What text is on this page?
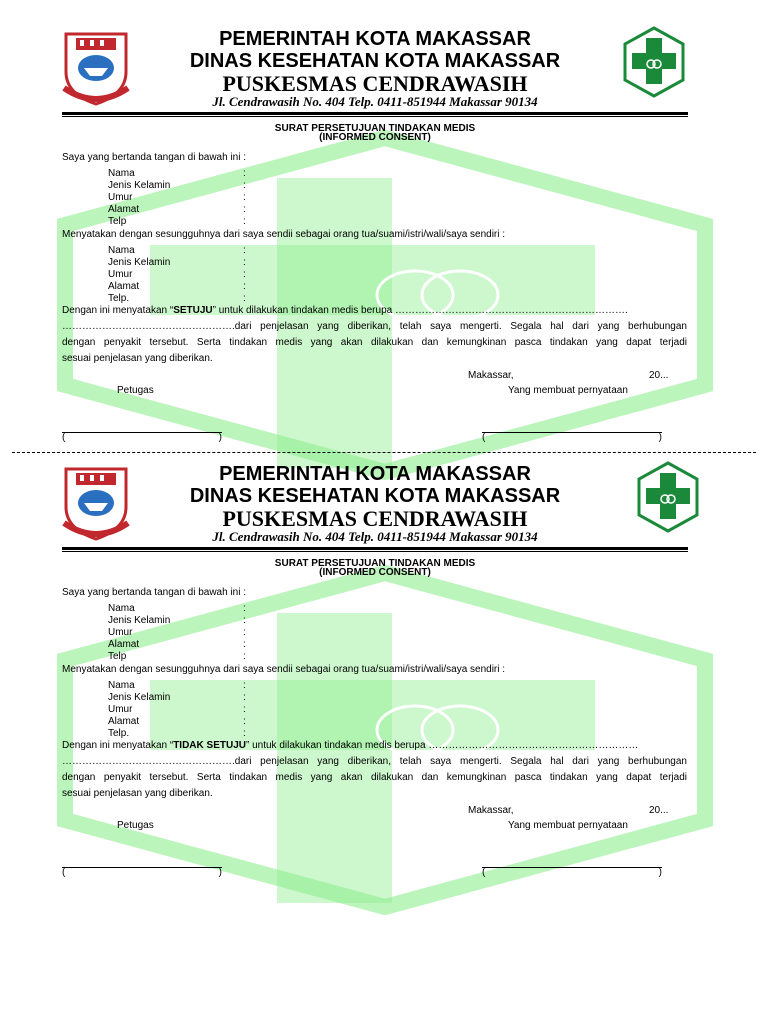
PEMERINTAH KOTA MAKASSAR
DINAS KESEHATAN KOTA MAKASSAR
PUSKESMAS CENDRAWASIH
Jl. Cendrawasih No. 404 Telp. 0411-851944 Makassar 90134
SURAT PERSETUJUAN TINDAKAN MEDIS
(INFORMED CONSENT)
Saya yang bertanda tangan di bawah ini :
Nama	:
Jenis Kelamin	:
Umur	:
Alamat	:
Telp	:
Menyatakan dengan sesungguhnya dari saya sendii sebagai orang tua/suami/istri/wali/saya sendiri :
Nama	:
Jenis Kelamin	:
Umur	:
Alamat	:
Telp.	:
Dengan ini menyatakan “SETUJU” untuk dilakukan tindakan medis berupa …………………………………………………………….
…………………………………………….dari penjelasan yang diberikan, telah saya mengerti. Segala hal dari yang berhubungan
dengan penyakit tersebut. Serta tindakan medis yang akan dilakukan dan kemungkinan pasca tindakan yang dapat terjadi
sesuai penjelasan yang diberikan.
Makassar,	20...
Petugas	Yang membuat pernyataan
(	)	(	)
PEMERINTAH KOTA MAKASSAR
DINAS KESEHATAN KOTA MAKASSAR
PUSKESMAS CENDRAWASIH
Jl. Cendrawasih No. 404 Telp. 0411-851944 Makassar 90134
SURAT PERSETUJUAN TINDAKAN MEDIS
(INFORMED CONSENT)
Saya yang bertanda tangan di bawah ini :
Nama	:
Jenis Kelamin	:
Umur	:
Alamat	:
Telp	:
Menyatakan dengan sesungguhnya dari saya sendii sebagai orang tua/suami/istri/wali/saya sendiri :
Nama	:
Jenis Kelamin	:
Umur	:
Alamat	:
Telp.	:
Dengan ini menyatakan “TIDAK SETUJU” untuk dilakukan tindakan medis berupa ………………………………………………………
…………………………………………….dari penjelasan yang diberikan, telah saya mengerti. Segala hal dari yang berhubungan
dengan penyakit tersebut. Serta tindakan medis yang akan dilakukan dan kemungkinan pasca tindakan yang dapat terjadi
sesuai penjelasan yang diberikan.
Makassar,	20...
Petugas	Yang membuat pernyataan
(	)	(	)
